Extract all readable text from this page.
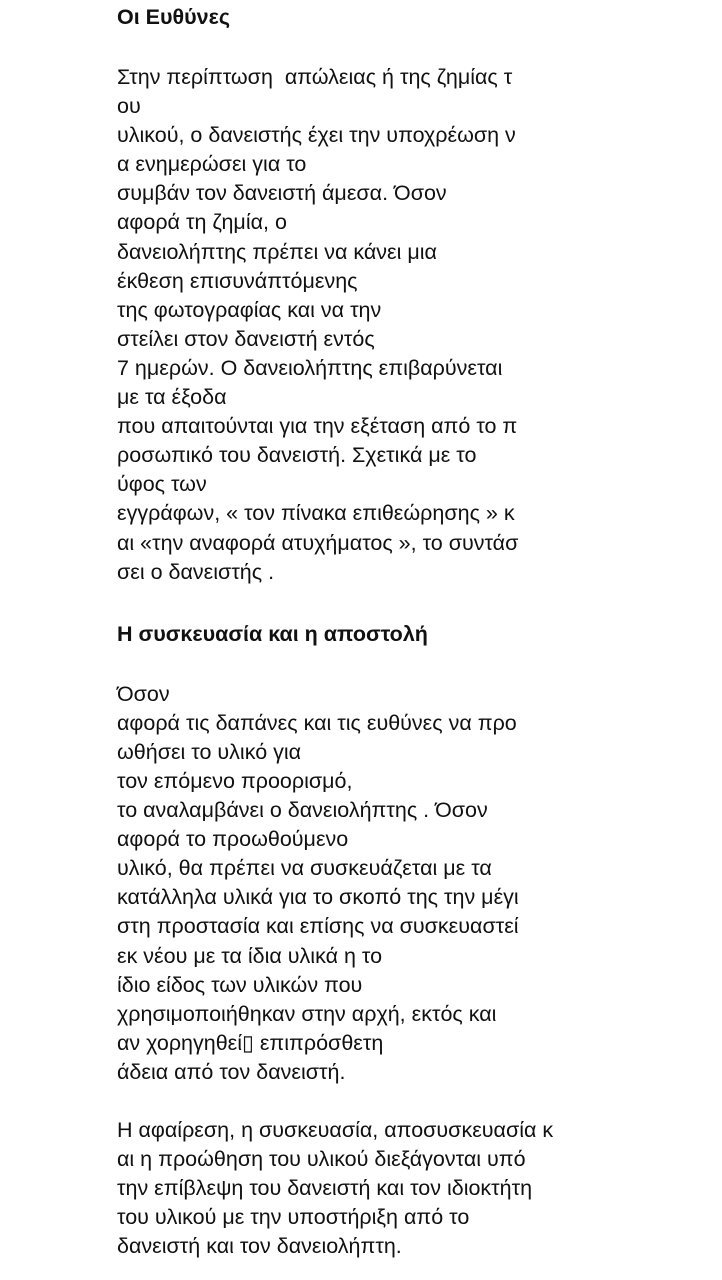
Οι Ευθύνες
Στην περίπτωση  απώλειας ή της ζημίας τ
ου
υλικού, ο δανειστής έχει την υποχρέωση ν
α ενημερώσει για το
συμβάν τον δανειστή άμεσα. Όσον
αφορά τη ζημία, ο
δανειολήπτης πρέπει να κάνει μια
έκθεση επισυνάπτόμενης
της φωτογραφίας και να την
στείλει στον δανειστή εντός
7 ημερών. Ο δανειολήπτης επιβαρύνεται
με τα έξοδα
που απαιτούνται για την εξέταση από το π
ροσωπικό του δανειστή. Σχετικά με το
ύφος των
εγγράφων, « τον πίνακα επιθεώρησης » κ
αι «την αναφορά ατυχήματος », το συντάσ
σει ο δανειστής .
Η συσκευασία και η αποστολή
Όσον
αφορά τις δαπάνες και τις ευθύνες να προ
ωθήσει το υλικό για
τον επόμενο προορισμό,
το αναλαμβάνει ο δανειολήπτης . Όσον
αφορά το προωθούμενο
υλικό, θα πρέπει να συσκευάζεται με τα
κατάλληλα υλικά για το σκοπό της την μέγι
στη προστασία και επίσης να συσκευαστεί
εκ νέου με τα ίδια υλικά η το
ίδιο είδος των υλικών που
χρησιμοποιήθηκαν στην αρχή, εκτός και
αν χορηγηθεί▯ επιπρόσθετη
άδεια από τον δανειστή.
Η αφαίρεση, η συσκευασία, αποσυσκευασία κ
αι η προώθηση του υλικού διεξάγονται υπό
την επίβλεψη του δανειστή και τον ιδιοκτήτη
του υλικού με την υποστήριξη από το
δανειστή και τον δανειολήπτη.
